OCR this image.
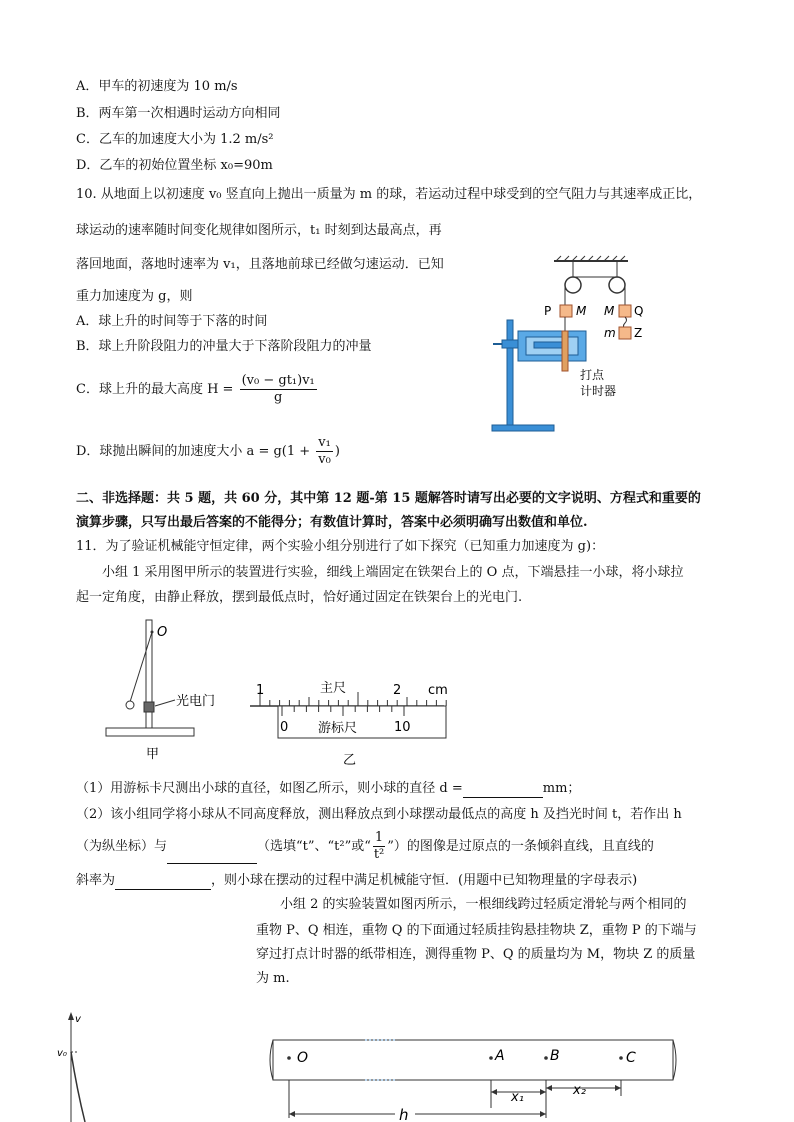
A．甲车的初速度为 10 m/s
B．两车第一次相遇时运动方向相同
C．乙车的加速度大小为 1.2 m/s²
D．乙车的初始位置坐标 x₀=90m
10. 从地面上以初速度 v₀ 竖直向上抛出一质量为 m 的球，若运动过程中球受到的空气阻力与其速率成正比，
球运动的速率随时间变化规律如图所示，t₁ 时刻到达最高点，再
落回地面，落地时速率为 v₁，且落地前球已经做匀速运动．已知
重力加速度为 g，则
A．球上升的时间等于下落的时间
B．球上升阶段阻力的冲量大于下落阶段阻力的冲量
C．球上升的最大高度 $H = \frac{\text{(v₀ − gt₁)v₁}}{g}$
D．球抛出瞬间的加速度大小 $a = g(1 + \frac{\text{v₁}}{\text{v₀}}$ )
P M M Q
m Z
打点
计时器
二、非选择题：共 5 题，共 60 分，其中第 12 题-第 15 题解答时请写出必要的文字说明、方程式和重要的
演算步骤，只写出最后答案的不能得分；有数值计算时，答案中必须明确写出数值和单位.
11．为了验证机械能守恒定律，两个实验小组分别进行了如下探究（已知重力加速度为 g)：
小组 1 采用图甲所示的装置进行实验，细线上端固定在铁架台上的 O 点，下端悬挂一小球，将小球拉
起一定角度，由静止释放，摆到最低点时，恰好通过固定在铁架台上的光电门.
O
光电门
甲
1	2 cm
主尺
0 游标尺	10
乙
（1）用游标卡尺测出小球的直径，如图乙所示，则小球的直径 d =	mm；
（2）该小组同学将小球从不同高度释放，测出释放点到小球摆动最低点的高度 h 及挡光时间 t，若作出 h
（为纵坐标）与	（选填“t”、“t²”或“ $\frac{1}{\text{t²}}$ ”）的图像是过原点的一条倾斜直线，且直线的
斜率为	，则小球在摆动的过程中满足机械能守恒．(用题中已知物理量的字母表示)
小组 2 的实验装置如图丙所示，一根细线跨过轻质定滑轮与两个相同的
重物 P、Q 相连，重物 Q 的下面通过轻质挂钩悬挂物块 Z，重物 P 的下端与
穿过打点计时器的纸带相连，测得重物 P、Q 的质量均为 M，物块 Z 的质量
为 m.
v
v₀	O	A	B	C
x₁	x₂
h
